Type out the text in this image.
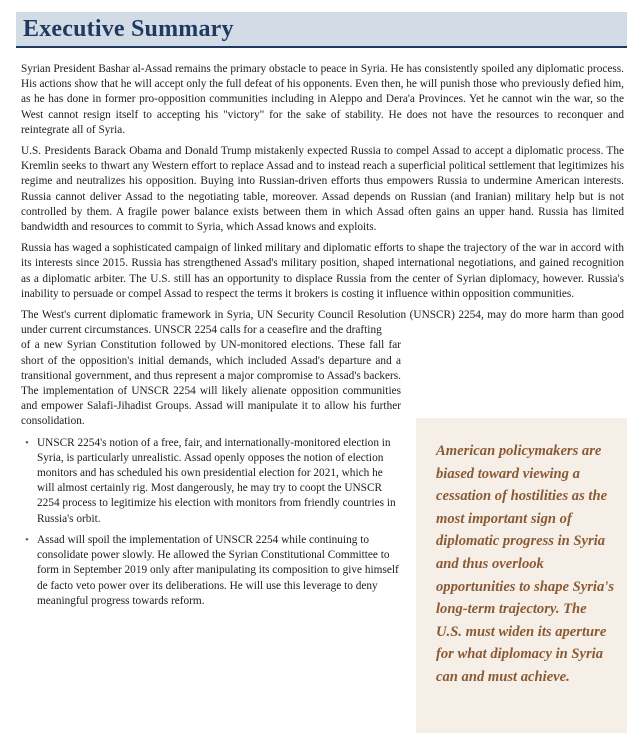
Executive Summary

Syrian President Bashar al-Assad remains the primary obstacle to peace in Syria. He has consistently spoiled any diplomatic process. His actions show that he will accept only the full defeat of his opponents. Even then, he will punish those who previously defied him, as he has done in former pro-opposition communities including in Aleppo and Dera'a Provinces. Yet he cannot win the war, so the West cannot resign itself to accepting his "victory" for the sake of stability. He does not have the resources to reconquer and reintegrate all of Syria.

U.S. Presidents Barack Obama and Donald Trump mistakenly expected Russia to compel Assad to accept a diplomatic process. The Kremlin seeks to thwart any Western effort to replace Assad and to instead reach a superficial political settlement that legitimizes his regime and neutralizes his opposition. Buying into Russian-driven efforts thus empowers Russia to undermine American interests. Russia cannot deliver Assad to the negotiating table, moreover. Assad depends on Russian (and Iranian) military help but is not controlled by them. A fragile power balance exists between them in which Assad often gains an upper hand. Russia has limited bandwidth and resources to commit to Syria, which Assad knows and exploits.

Russia has waged a sophisticated campaign of linked military and diplomatic efforts to shape the trajectory of the war in accord with its interests since 2015. Russia has strengthened Assad's military position, shaped international negotiations, and gained recognition as a diplomatic arbiter. The U.S. still has an opportunity to displace Russia from the center of Syrian diplomacy, however. Russia's inability to persuade or compel Assad to respect the terms it brokers is costing it influence within opposition communities.

The West's current diplomatic framework in Syria, UN Security Council Resolution (UNSCR) 2254, may do more harm than good under current circumstances. UNSCR 2254 calls for a ceasefire and the drafting

of a new Syrian Constitution followed by UN-monitored elections. These fall far short of the opposition's initial demands, which included Assad's departure and a transitional government, and thus represent a major compromise to Assad's backers. The implementation of UNSCR 2254 will likely alienate opposition communities and empower Salafi-Jihadist Groups. Assad will manipulate it to allow his further consolidation.

• UNSCR 2254's notion of a free, fair, and internationally-monitored election in Syria, is particularly unrealistic. Assad openly opposes the notion of election monitors and has scheduled his own presidential election for 2021, which he will almost certainly rig. Most dangerously, he may try to coopt the UNSCR 2254 process to legitimize his election with monitors from friendly countries in Russia's orbit.
• Assad will spoil the implementation of UNSCR 2254 while continuing to consolidate power slowly. He allowed the Syrian Constitutional Committee to form in September 2019 only after manipulating its composition to give himself de facto veto power over its deliberations. He will use this leverage to deny meaningful progress towards reform.

American policymakers are biased toward viewing a cessation of hostilities as the most important sign of diplomatic progress in Syria and thus overlook opportunities to shape Syria's long-term trajectory. The U.S. must widen its aperture for what diplomacy in Syria can and must achieve.
